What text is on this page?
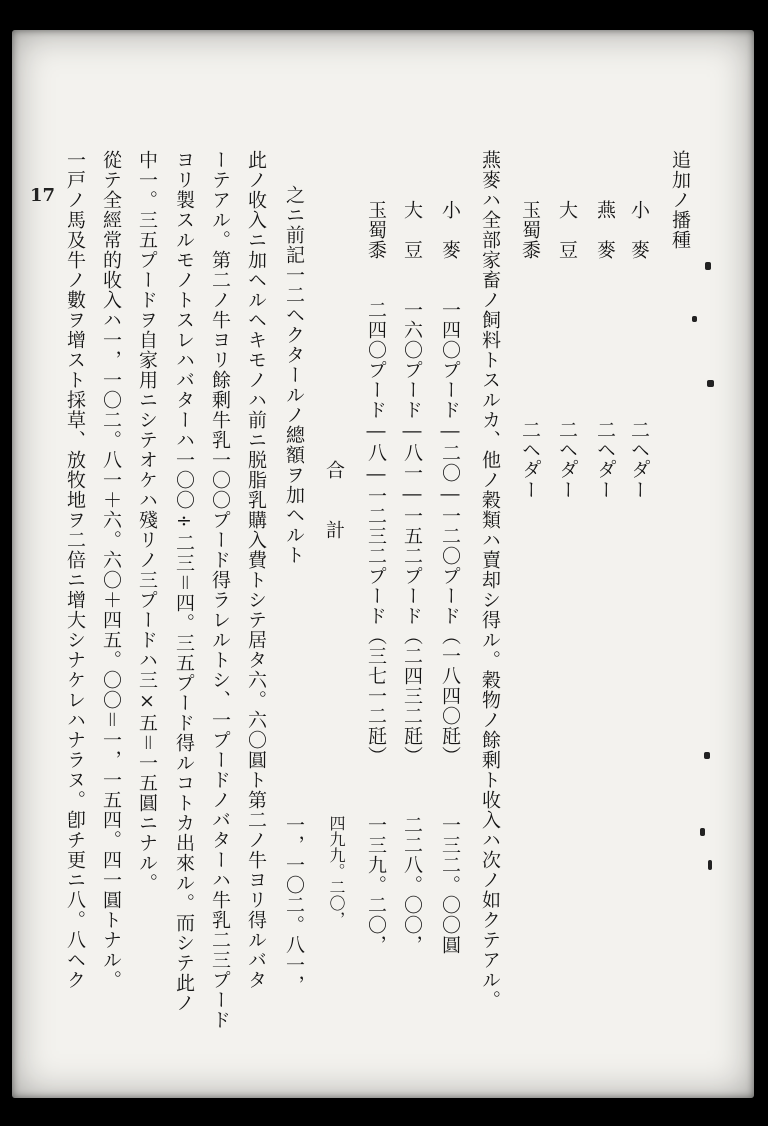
17	追加ノ播種
小　麥
燕　麥
大　豆
玉蜀黍
二ヘタ゚ー
二ヘタ゚ー
二ヘタ゚ー
二ヘタ゚ー
燕麥ハ全部家畜ノ飼料トスルカ、他ノ穀類ハ賣却シ得ル。穀物ノ餘剰ト收入ハ次ノ如クテアル。
小　麥
大　豆
玉蜀黍
一四〇プード―二〇―一二〇プード（一八四〇瓩）
一六〇プード―八一―一五二プード（二四三二瓩）
二四〇プード―八―一二三二プード（三七一二瓩）
一三二。〇〇圓
二二八。〇〇，
一三九。二〇，
合　　計
四九九。二〇，
之ニ前記一二ヘクタールノ總額ヲ加ヘルト
一，一〇二。八一，
此ノ收入ニ加ヘルヘキモノハ前ニ脱脂乳購入費トシテ居タ六。六〇圓ト第二ノ牛ヨリ得ルバタ
ーテアル。第二ノ牛ヨリ餘剰牛乳一〇〇プード得ラレルトシ、一プードノバターハ牛乳二三プード
ヨリ製スルモノトスレハバターハ一〇〇÷二三＝四。三五プード得ルコトカ出來ル。而シテ此ノ
中一。三五プードヲ自家用ニシテオケハ殘リノ三プードハ三×五＝一五圓ニナル。
從テ全經常的收入ハ一，一〇二。八一＋六。六〇＋四五。〇〇＝一，一五四。四一圓トナル。
一戸ノ馬及牛ノ數ヲ增スト採草、放牧地ヲ二倍ニ增大シナケレハナラヌ。卽チ更ニ八。八ヘク
